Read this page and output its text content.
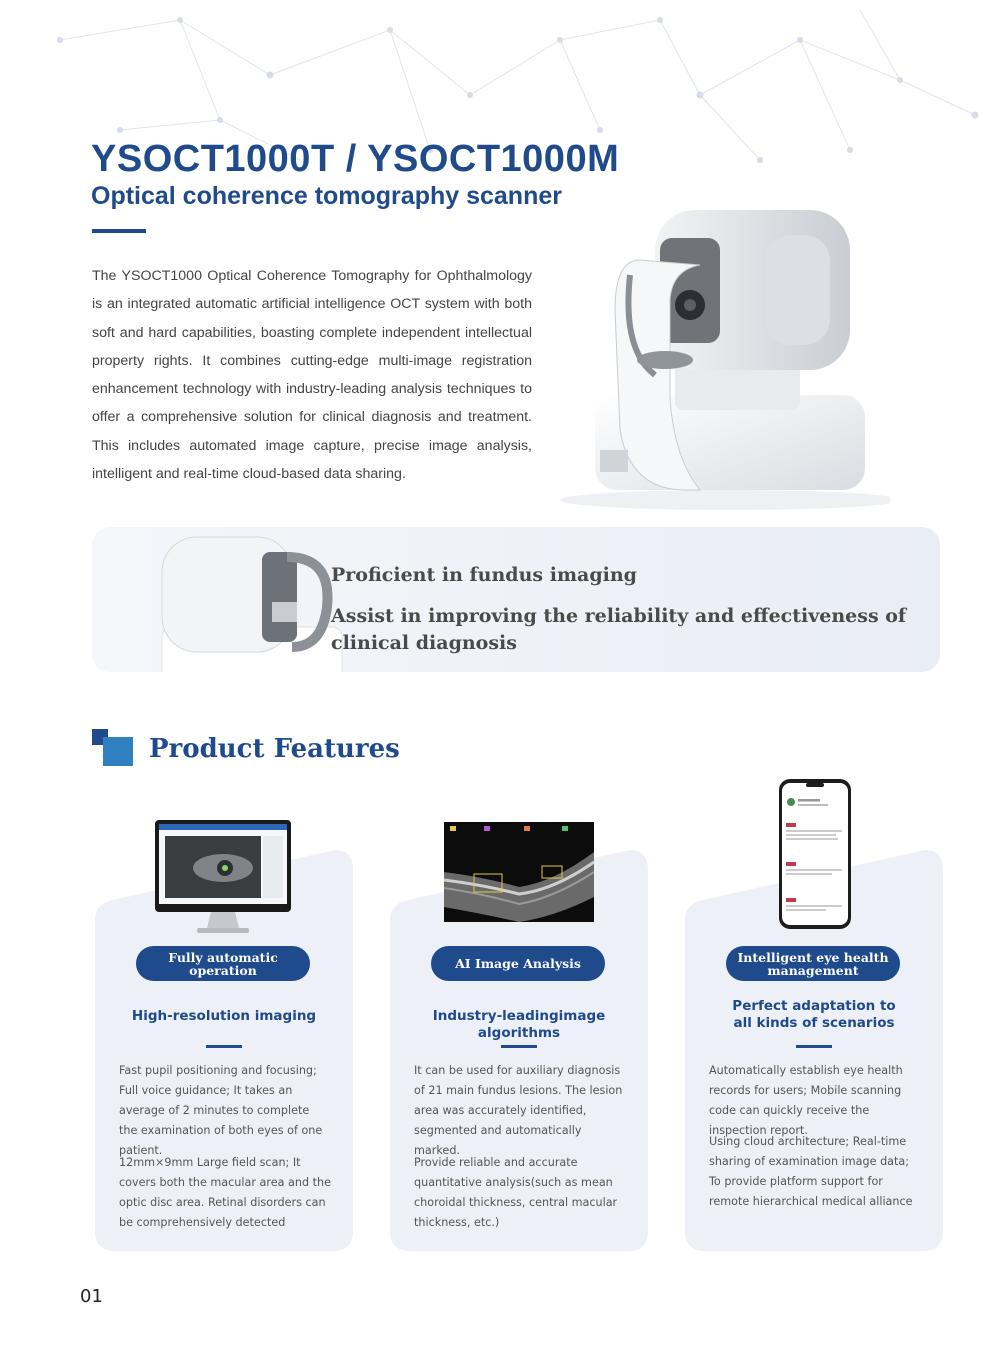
YSOCT1000T / YSOCT1000M
Optical coherence tomography scanner

The YSOCT1000 Optical Coherence Tomography for Ophthalmology is an integrated automatic artificial intelligence OCT system with both soft and hard capabilities, boasting complete independent intellectual property rights. It combines cutting-edge multi-image registration enhancement technology with industry-leading analysis techniques to offer a comprehensive solution for clinical diagnosis and treatment. This includes automated image capture, precise image analysis, intelligent and real-time cloud-based data sharing.

Proficient in fundus imaging
Assist in improving the reliability and effectiveness of clinical diagnosis
Product Features
Fully automatic operation
High-resolution imaging

Fast pupil positioning and focusing; Full voice guidance; It takes an average of 2 minutes to complete the examination of both eyes of one patient.

12mm×9mm Large field scan; It covers both the macular area and the optic disc area. Retinal disorders can be comprehensively detected

AI Image Analysis
Industry-leadingimage algorithms

It can be used for auxiliary diagnosis of 21 main fundus lesions. The lesion area was accurately identified, segmented and automatically marked.

Provide reliable and accurate quantitative analysis(such as mean choroidal thickness, central macular thickness, etc.)

Intelligent eye health management
Perfect adaptation to all kinds of scenarios

Automatically establish eye health records for users; Mobile scanning code can quickly receive the inspection report.

Using cloud architecture; Real-time sharing of examination image data; To provide platform support for remote hierarchical medical alliance

01
